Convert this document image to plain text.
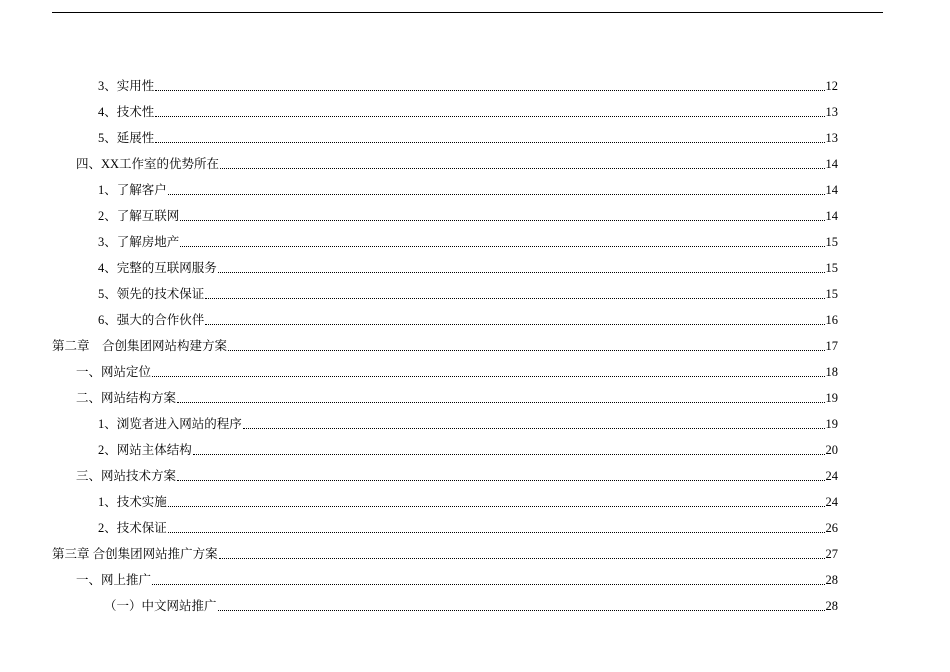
3、实用性	12
4、技术性	13
5、延展性	13
四、XX工作室的优势所在	14
1、了解客户	14
2、了解互联网	14
3、了解房地产	15
4、完整的互联网服务	15
5、领先的技术保证	15
6、强大的合作伙伴	16
第二章　合创集团网站构建方案	17
一、网站定位	18
二、网站结构方案	19
1、浏览者进入网站的程序	19
2、网站主体结构	20
三、网站技术方案	24
1、技术实施	24
2、技术保证	26
第三章 合创集团网站推广方案	27
一、网上推广	28
（一）中文网站推广	28
